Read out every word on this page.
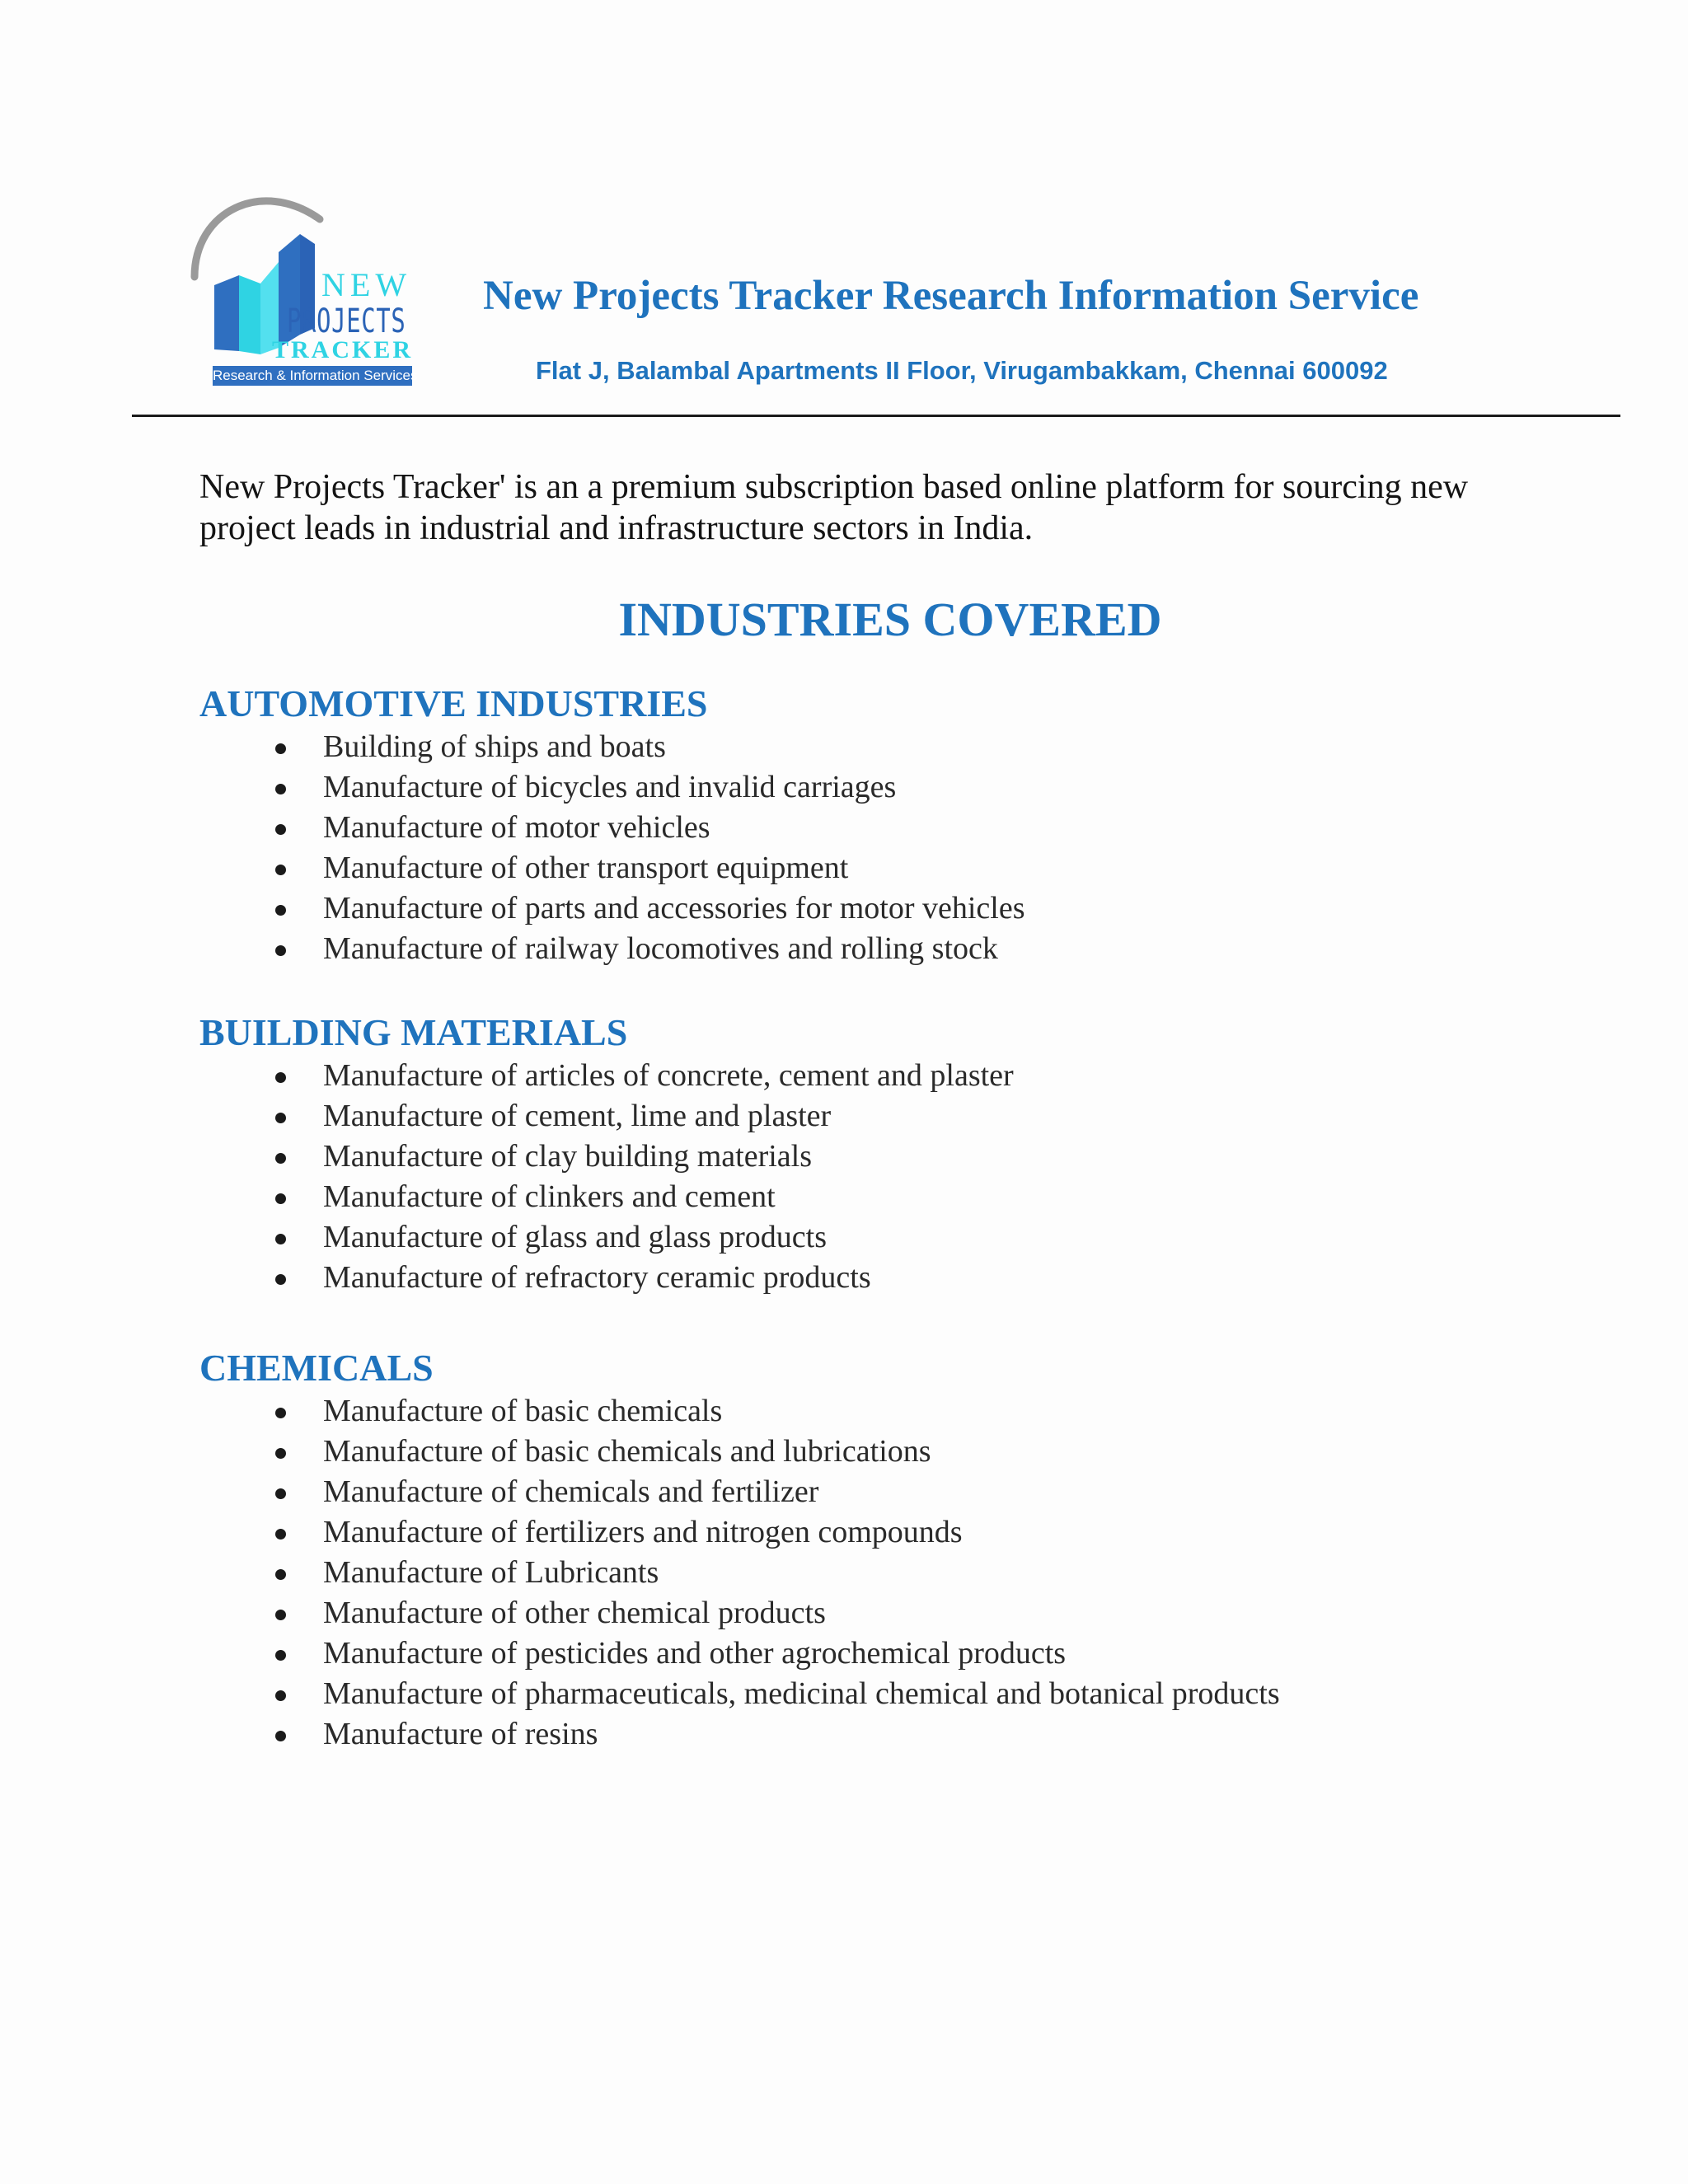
NEW
PROJECTS
TRACKER
Research & Information Services
New Projects Tracker Research Information Service
Flat J, Balambal Apartments II Floor, Virugambakkam, Chennai 600092

New Projects Tracker' is an a premium subscription based online platform for sourcing new project leads in industrial and infrastructure sectors in India.

INDUSTRIES COVERED
AUTOMOTIVE INDUSTRIES
Building of ships and boats
Manufacture of bicycles and invalid carriages
Manufacture of motor vehicles
Manufacture of other transport equipment
Manufacture of parts and accessories for motor vehicles
Manufacture of railway locomotives and rolling stock
BUILDING MATERIALS
Manufacture of articles of concrete, cement and plaster
Manufacture of cement, lime and plaster
Manufacture of clay building materials
Manufacture of clinkers and cement
Manufacture of glass and glass products
Manufacture of refractory ceramic products
CHEMICALS
Manufacture of basic chemicals
Manufacture of basic chemicals and lubrications
Manufacture of chemicals and fertilizer
Manufacture of fertilizers and nitrogen compounds
Manufacture of Lubricants
Manufacture of other chemical products
Manufacture of pesticides and other agrochemical products
Manufacture of pharmaceuticals, medicinal chemical and botanical products
Manufacture of resins
